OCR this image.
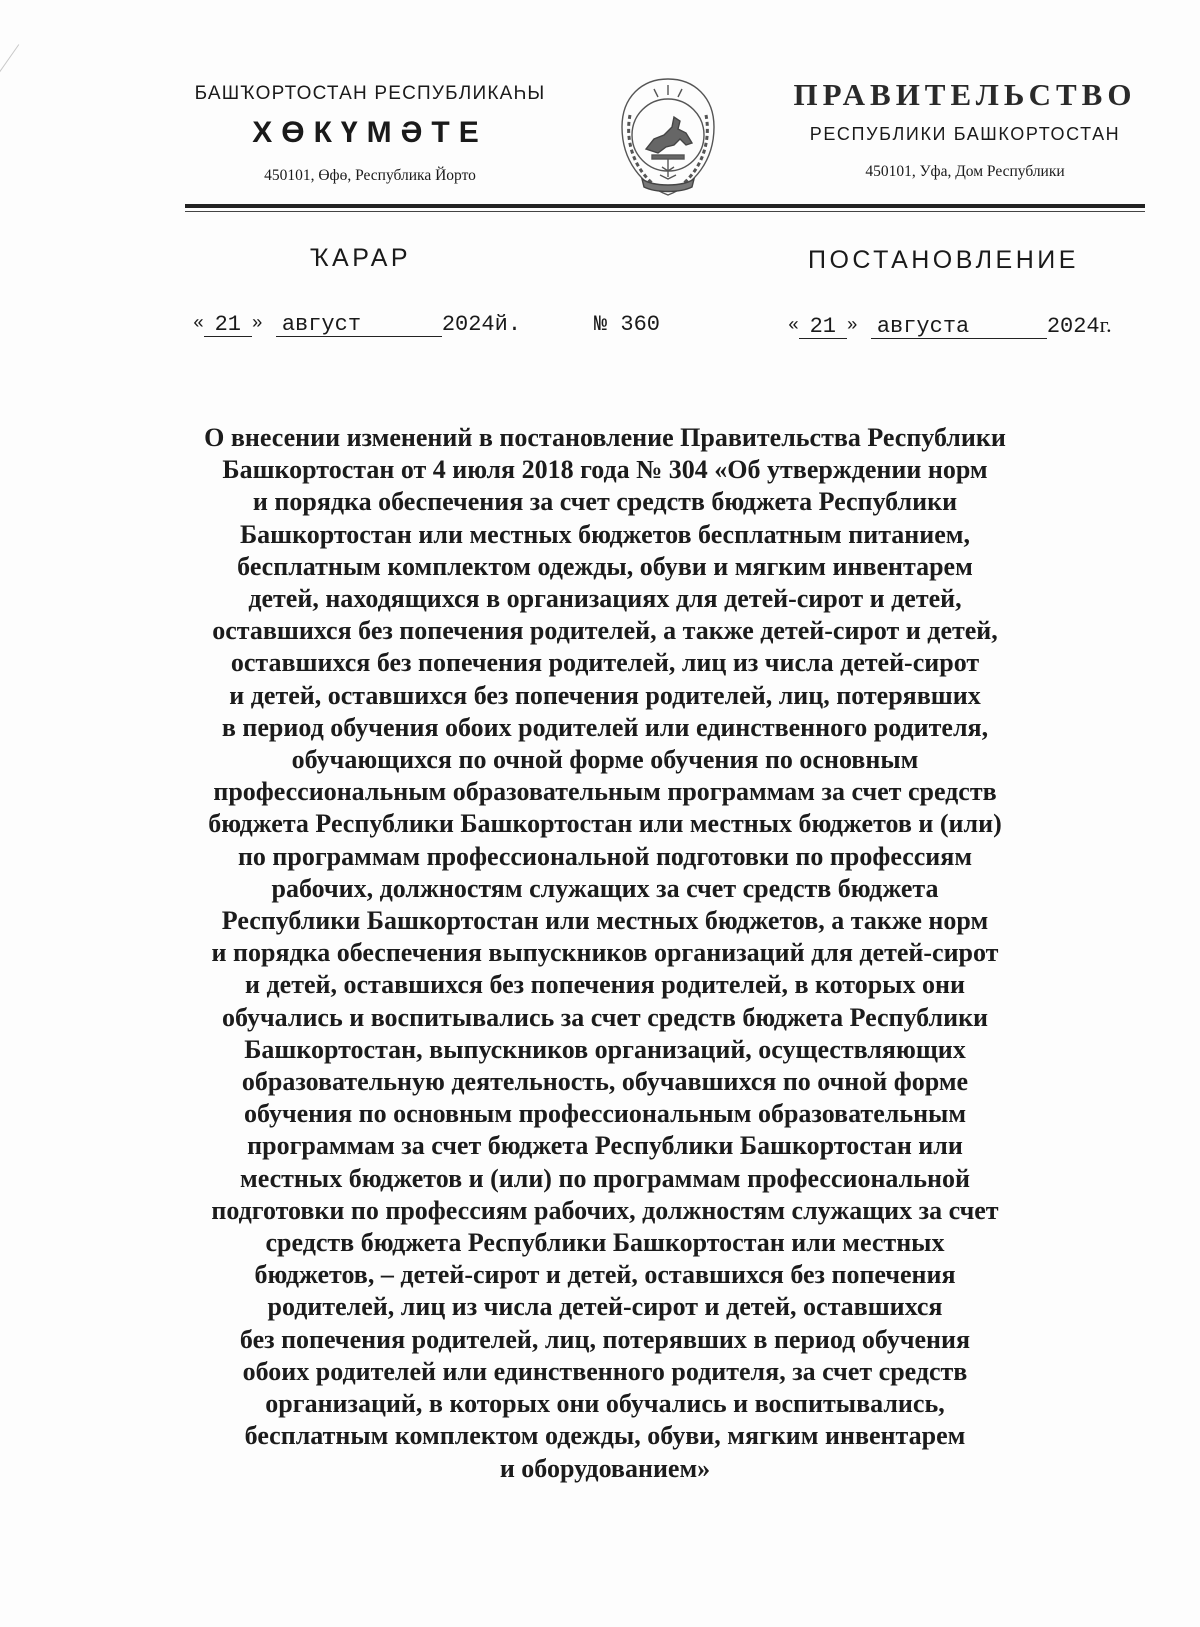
БАШҠОРТОСТАН РЕСПУБЛИКАҺЫ
ХӨКҮМӘТЕ
450101, Өфө, Республика Йорто
ПРАВИТЕЛЬСТВО
РЕСПУБЛИКИ БАШКОРТОСТАН
450101, Уфа, Дом Республики
ҠАРАР	ПОСТАНОВЛЕНИЕ
« 21 » август	2024й.	№ 360	« 21 » августа	2024г.
О внесении изменений в постановление Правительства Республики
Башкортостан от 4 июля 2018 года № 304 «Об утверждении норм
и порядка обеспечения за счет средств бюджета Республики
Башкортостан или местных бюджетов бесплатным питанием,
бесплатным комплектом одежды, обуви и мягким инвентарем
детей, находящихся в организациях для детей-сирот и детей,
оставшихся без попечения родителей, а также детей-сирот и детей,
оставшихся без попечения родителей, лиц из числа детей-сирот
и детей, оставшихся без попечения родителей, лиц, потерявших
в период обучения обоих родителей или единственного родителя,
обучающихся по очной форме обучения по основным
профессиональным образовательным программам за счет средств
бюджета Республики Башкортостан или местных бюджетов и (или)
по программам профессиональной подготовки по профессиям
рабочих, должностям служащих за счет средств бюджета
Республики Башкортостан или местных бюджетов, а также норм
и порядка обеспечения выпускников организаций для детей-сирот
и детей, оставшихся без попечения родителей, в которых они
обучались и воспитывались за счет средств бюджета Республики
Башкортостан, выпускников организаций, осуществляющих
образовательную деятельность, обучавшихся по очной форме
обучения по основным профессиональным образовательным
программам за счет бюджета Республики Башкортостан или
местных бюджетов и (или) по программам профессиональной
подготовки по профессиям рабочих, должностям служащих за счет
средств бюджета Республики Башкортостан или местных
бюджетов, – детей-сирот и детей, оставшихся без попечения
родителей, лиц из числа детей-сирот и детей, оставшихся
без попечения родителей, лиц, потерявших в период обучения
обоих родителей или единственного родителя, за счет средств
организаций, в которых они обучались и воспитывались,
бесплатным комплектом одежды, обуви, мягким инвентарем
и оборудованием»
